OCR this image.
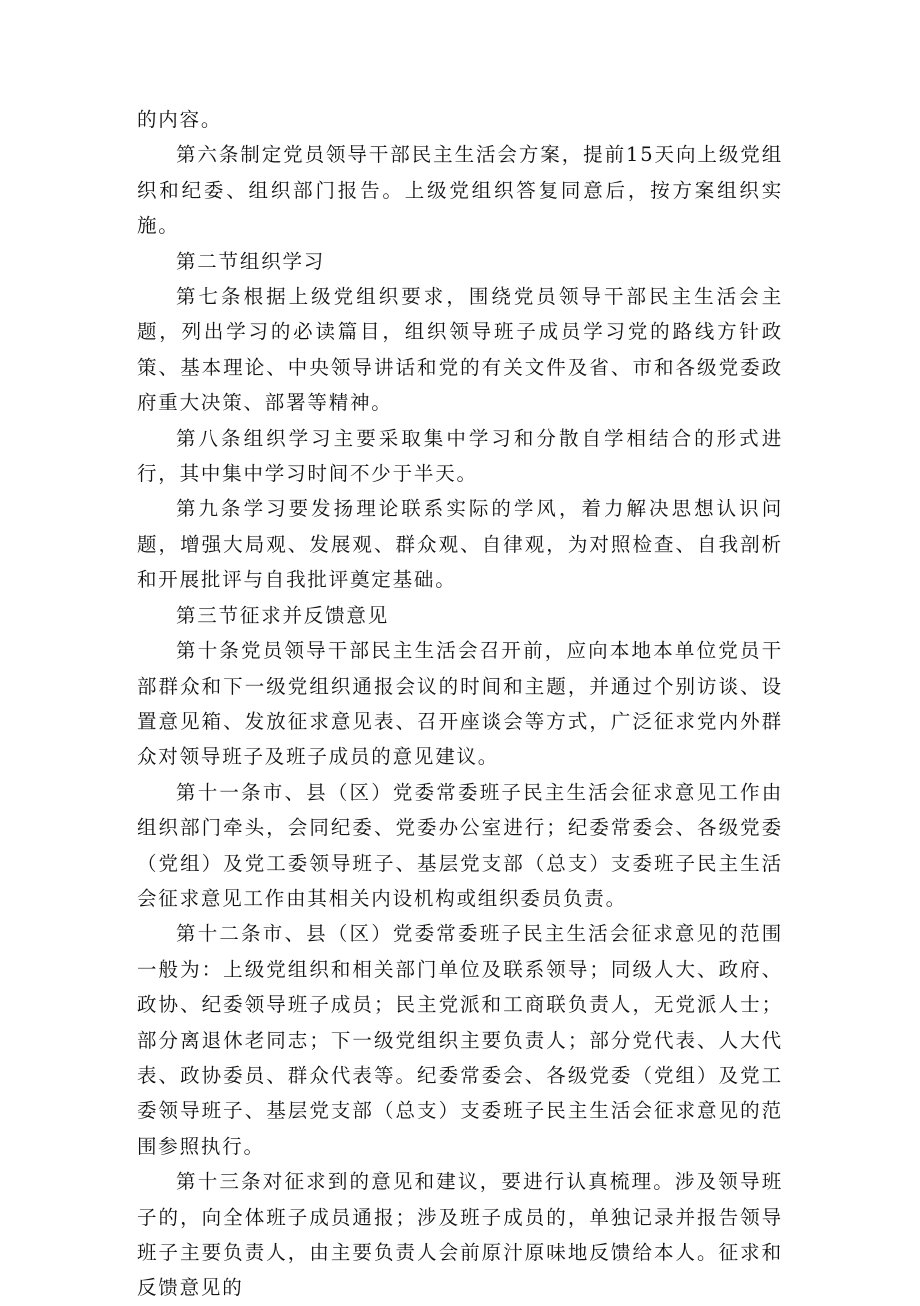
的内容。

第六条制定党员领导干部民主生活会方案，提前15天向上级党组织和纪委、组织部门报告。上级党组织答复同意后，按方案组织实施。

第二节组织学习

第七条根据上级党组织要求，围绕党员领导干部民主生活会主题，列出学习的必读篇目，组织领导班子成员学习党的路线方针政策、基本理论、中央领导讲话和党的有关文件及省、市和各级党委政府重大决策、部署等精神。

第八条组织学习主要采取集中学习和分散自学相结合的形式进行，其中集中学习时间不少于半天。

第九条学习要发扬理论联系实际的学风，着力解决思想认识问题，增强大局观、发展观、群众观、自律观，为对照检查、自我剖析和开展批评与自我批评奠定基础。

第三节征求并反馈意见

第十条党员领导干部民主生活会召开前，应向本地本单位党员干部群众和下一级党组织通报会议的时间和主题，并通过个别访谈、设置意见箱、发放征求意见表、召开座谈会等方式，广泛征求党内外群众对领导班子及班子成员的意见建议。

第十一条市、县（区）党委常委班子民主生活会征求意见工作由组织部门牵头，会同纪委、党委办公室进行；纪委常委会、各级党委（党组）及党工委领导班子、基层党支部（总支）支委班子民主生活会征求意见工作由其相关内设机构或组织委员负责。

第十二条市、县（区）党委常委班子民主生活会征求意见的范围一般为：上级党组织和相关部门单位及联系领导；同级人大、政府、政协、纪委领导班子成员；民主党派和工商联负责人，无党派人士；部分离退休老同志；下一级党组织主要负责人；部分党代表、人大代表、政协委员、群众代表等。纪委常委会、各级党委（党组）及党工委领导班子、基层党支部（总支）支委班子民主生活会征求意见的范围参照执行。

第十三条对征求到的意见和建议，要进行认真梳理。涉及领导班子的，向全体班子成员通报；涉及班子成员的，单独记录并报告领导班子主要负责人，由主要负责人会前原汁原味地反馈给本人。征求和反馈意见的
